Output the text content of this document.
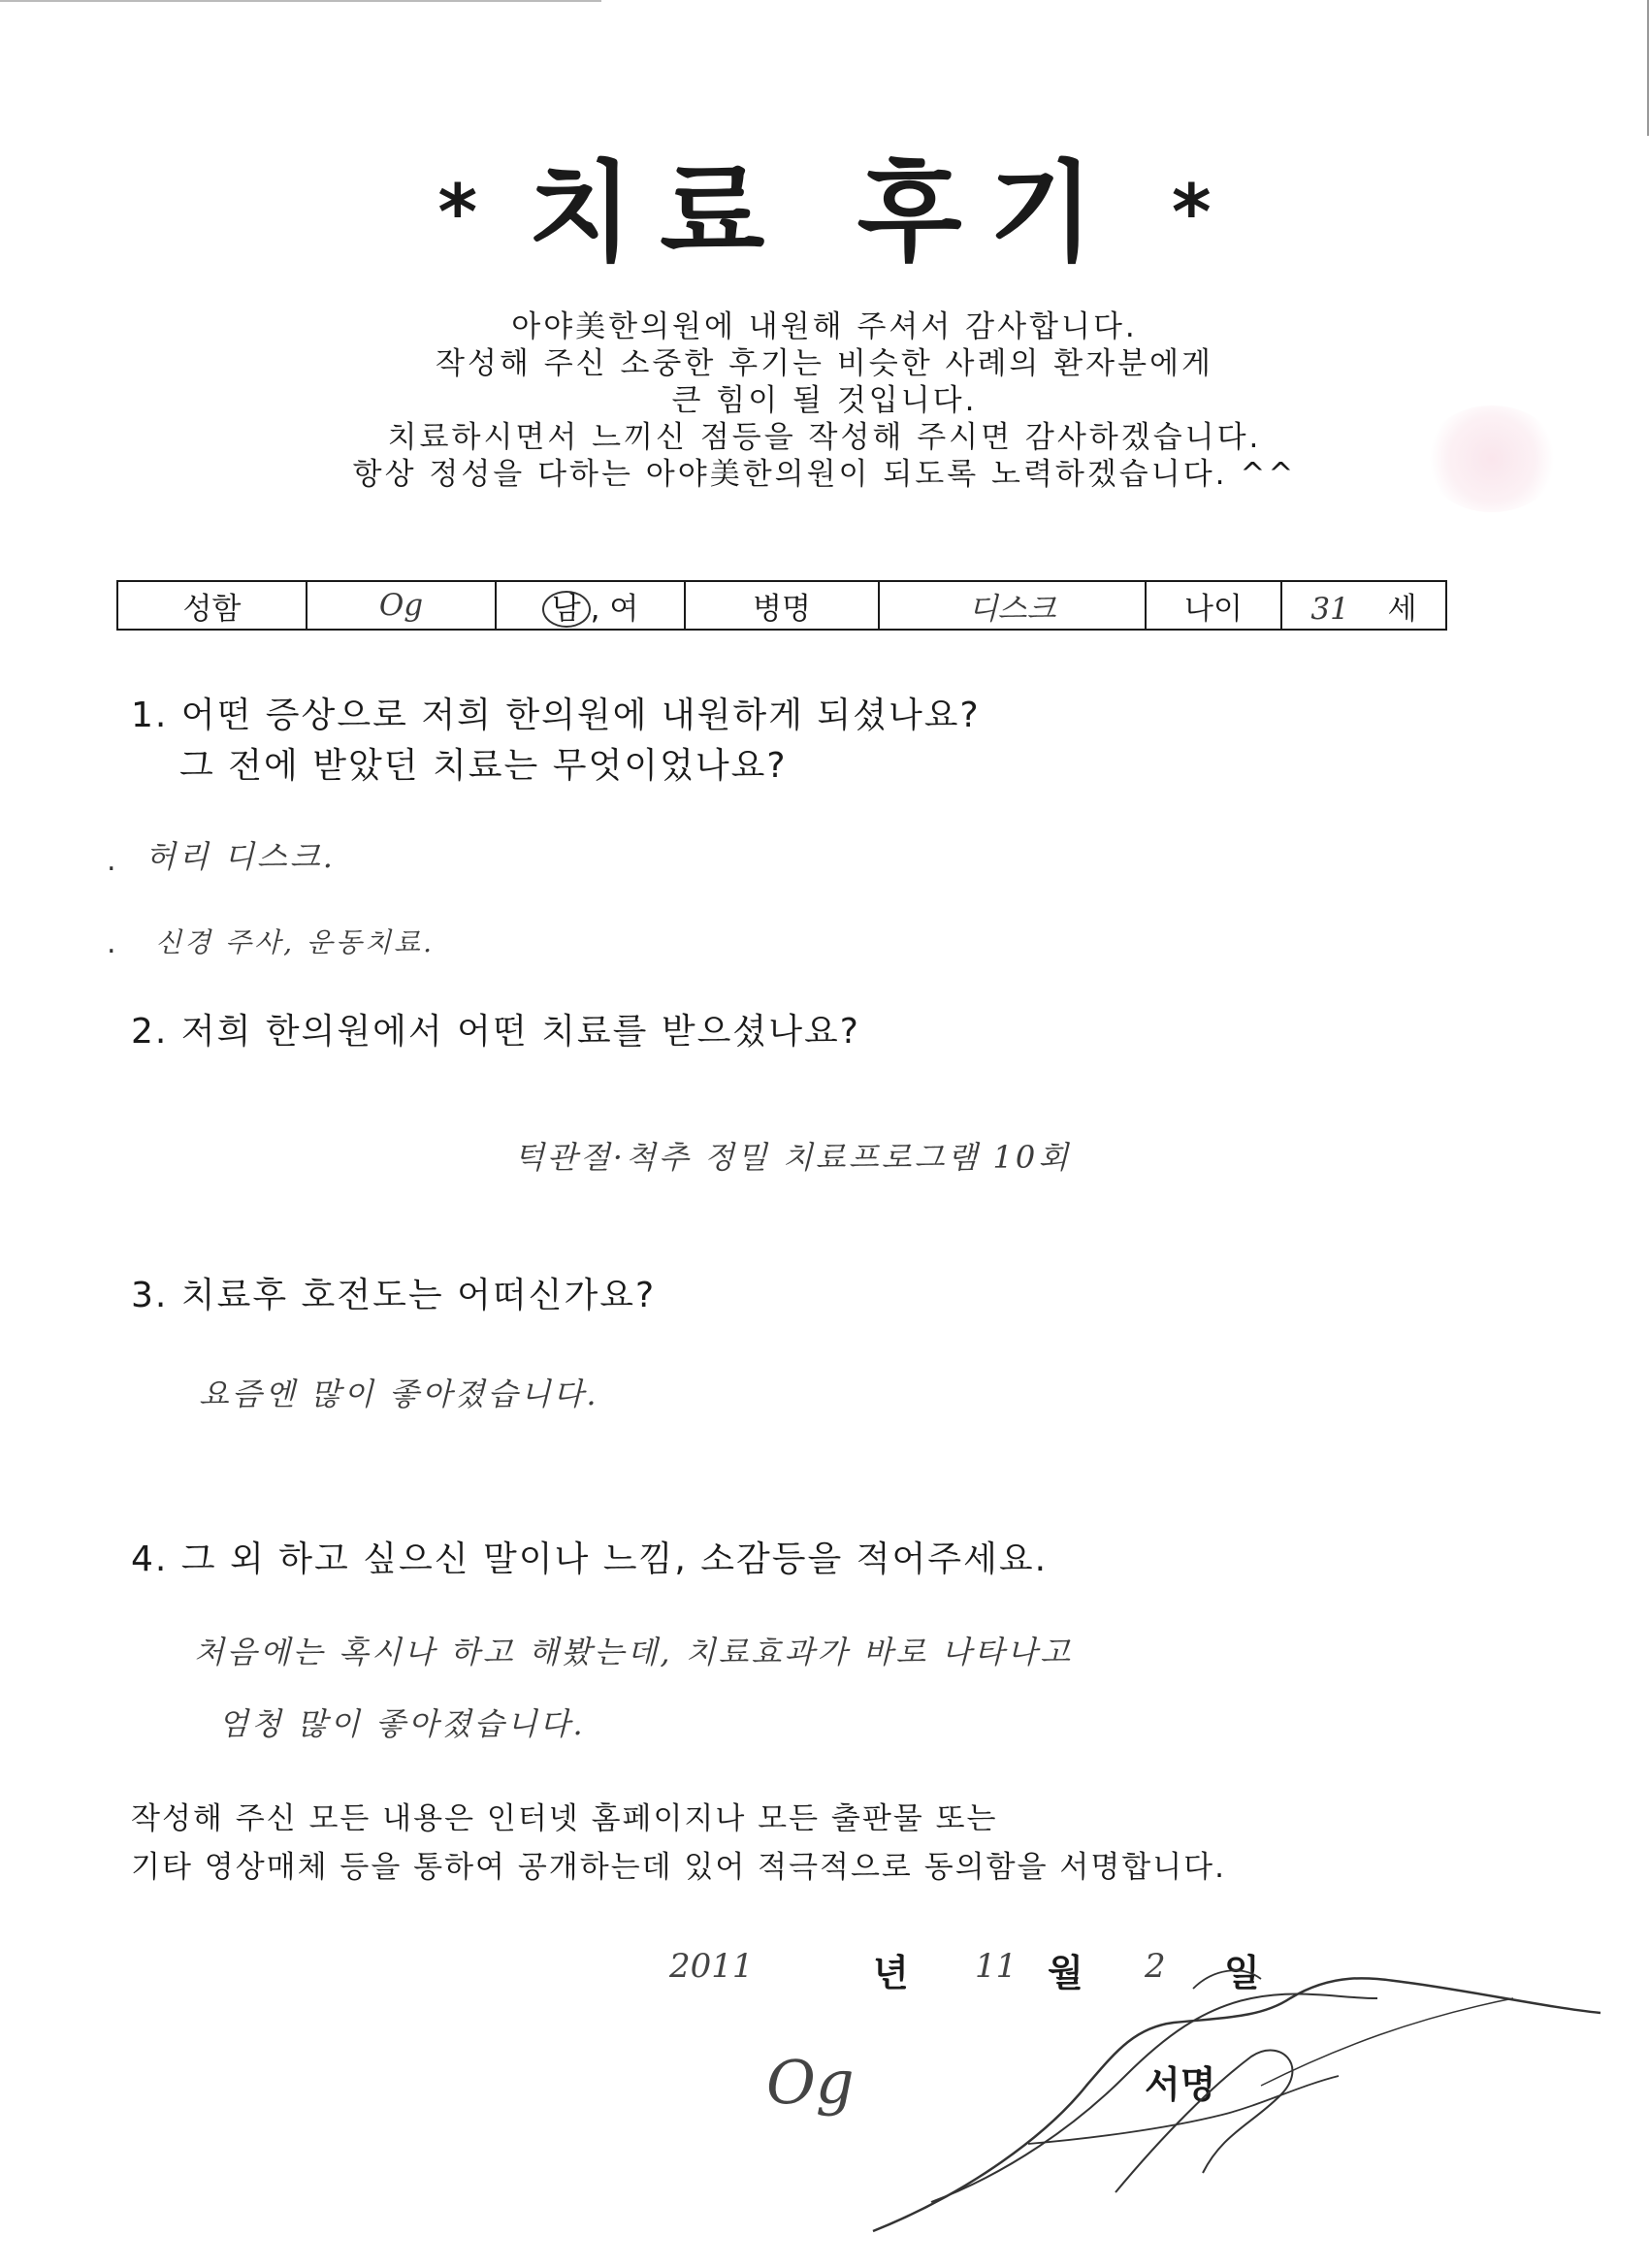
* 치료 후기 *
아야美한의원에 내원해 주셔서 감사합니다.
작성해 주신 소중한 후기는 비슷한 사례의 환자분에게
큰 힘이 될 것입니다.
치료하시면서 느끼신 점등을 작성해 주시면 감사하겠습니다.
항상 정성을 다하는 아야美한의원이 되도록 노력하겠습니다. ^^
성함	Og	남 , 여	병명	디스크	나이	31 세
1. 어떤 증상으로 저희 한의원에 내원하게 되셨나요?
그 전에 받았던 치료는 무엇이었나요?
. 허리 디스크.
. 신경 주사, 운동치료.
2. 저희 한의원에서 어떤 치료를 받으셨나요?
턱관절·척추 정밀 치료프로그램 10회
3. 치료후 호전도는 어떠신가요?
요즘엔 많이 좋아졌습니다.
4. 그 외 하고 싶으신 말이나 느낌, 소감등을 적어주세요.
처음에는 혹시나 하고 해봤는데, 치료효과가 바로 나타나고
엄청 많이 좋아졌습니다.
작성해 주신 모든 내용은 인터넷 홈페이지나 모든 출판물 또는
기타 영상매체 등을 통하여 공개하는데 있어 적극적으로 동의함을 서명합니다.
2011	년 11 월 2 일
Og	서명
